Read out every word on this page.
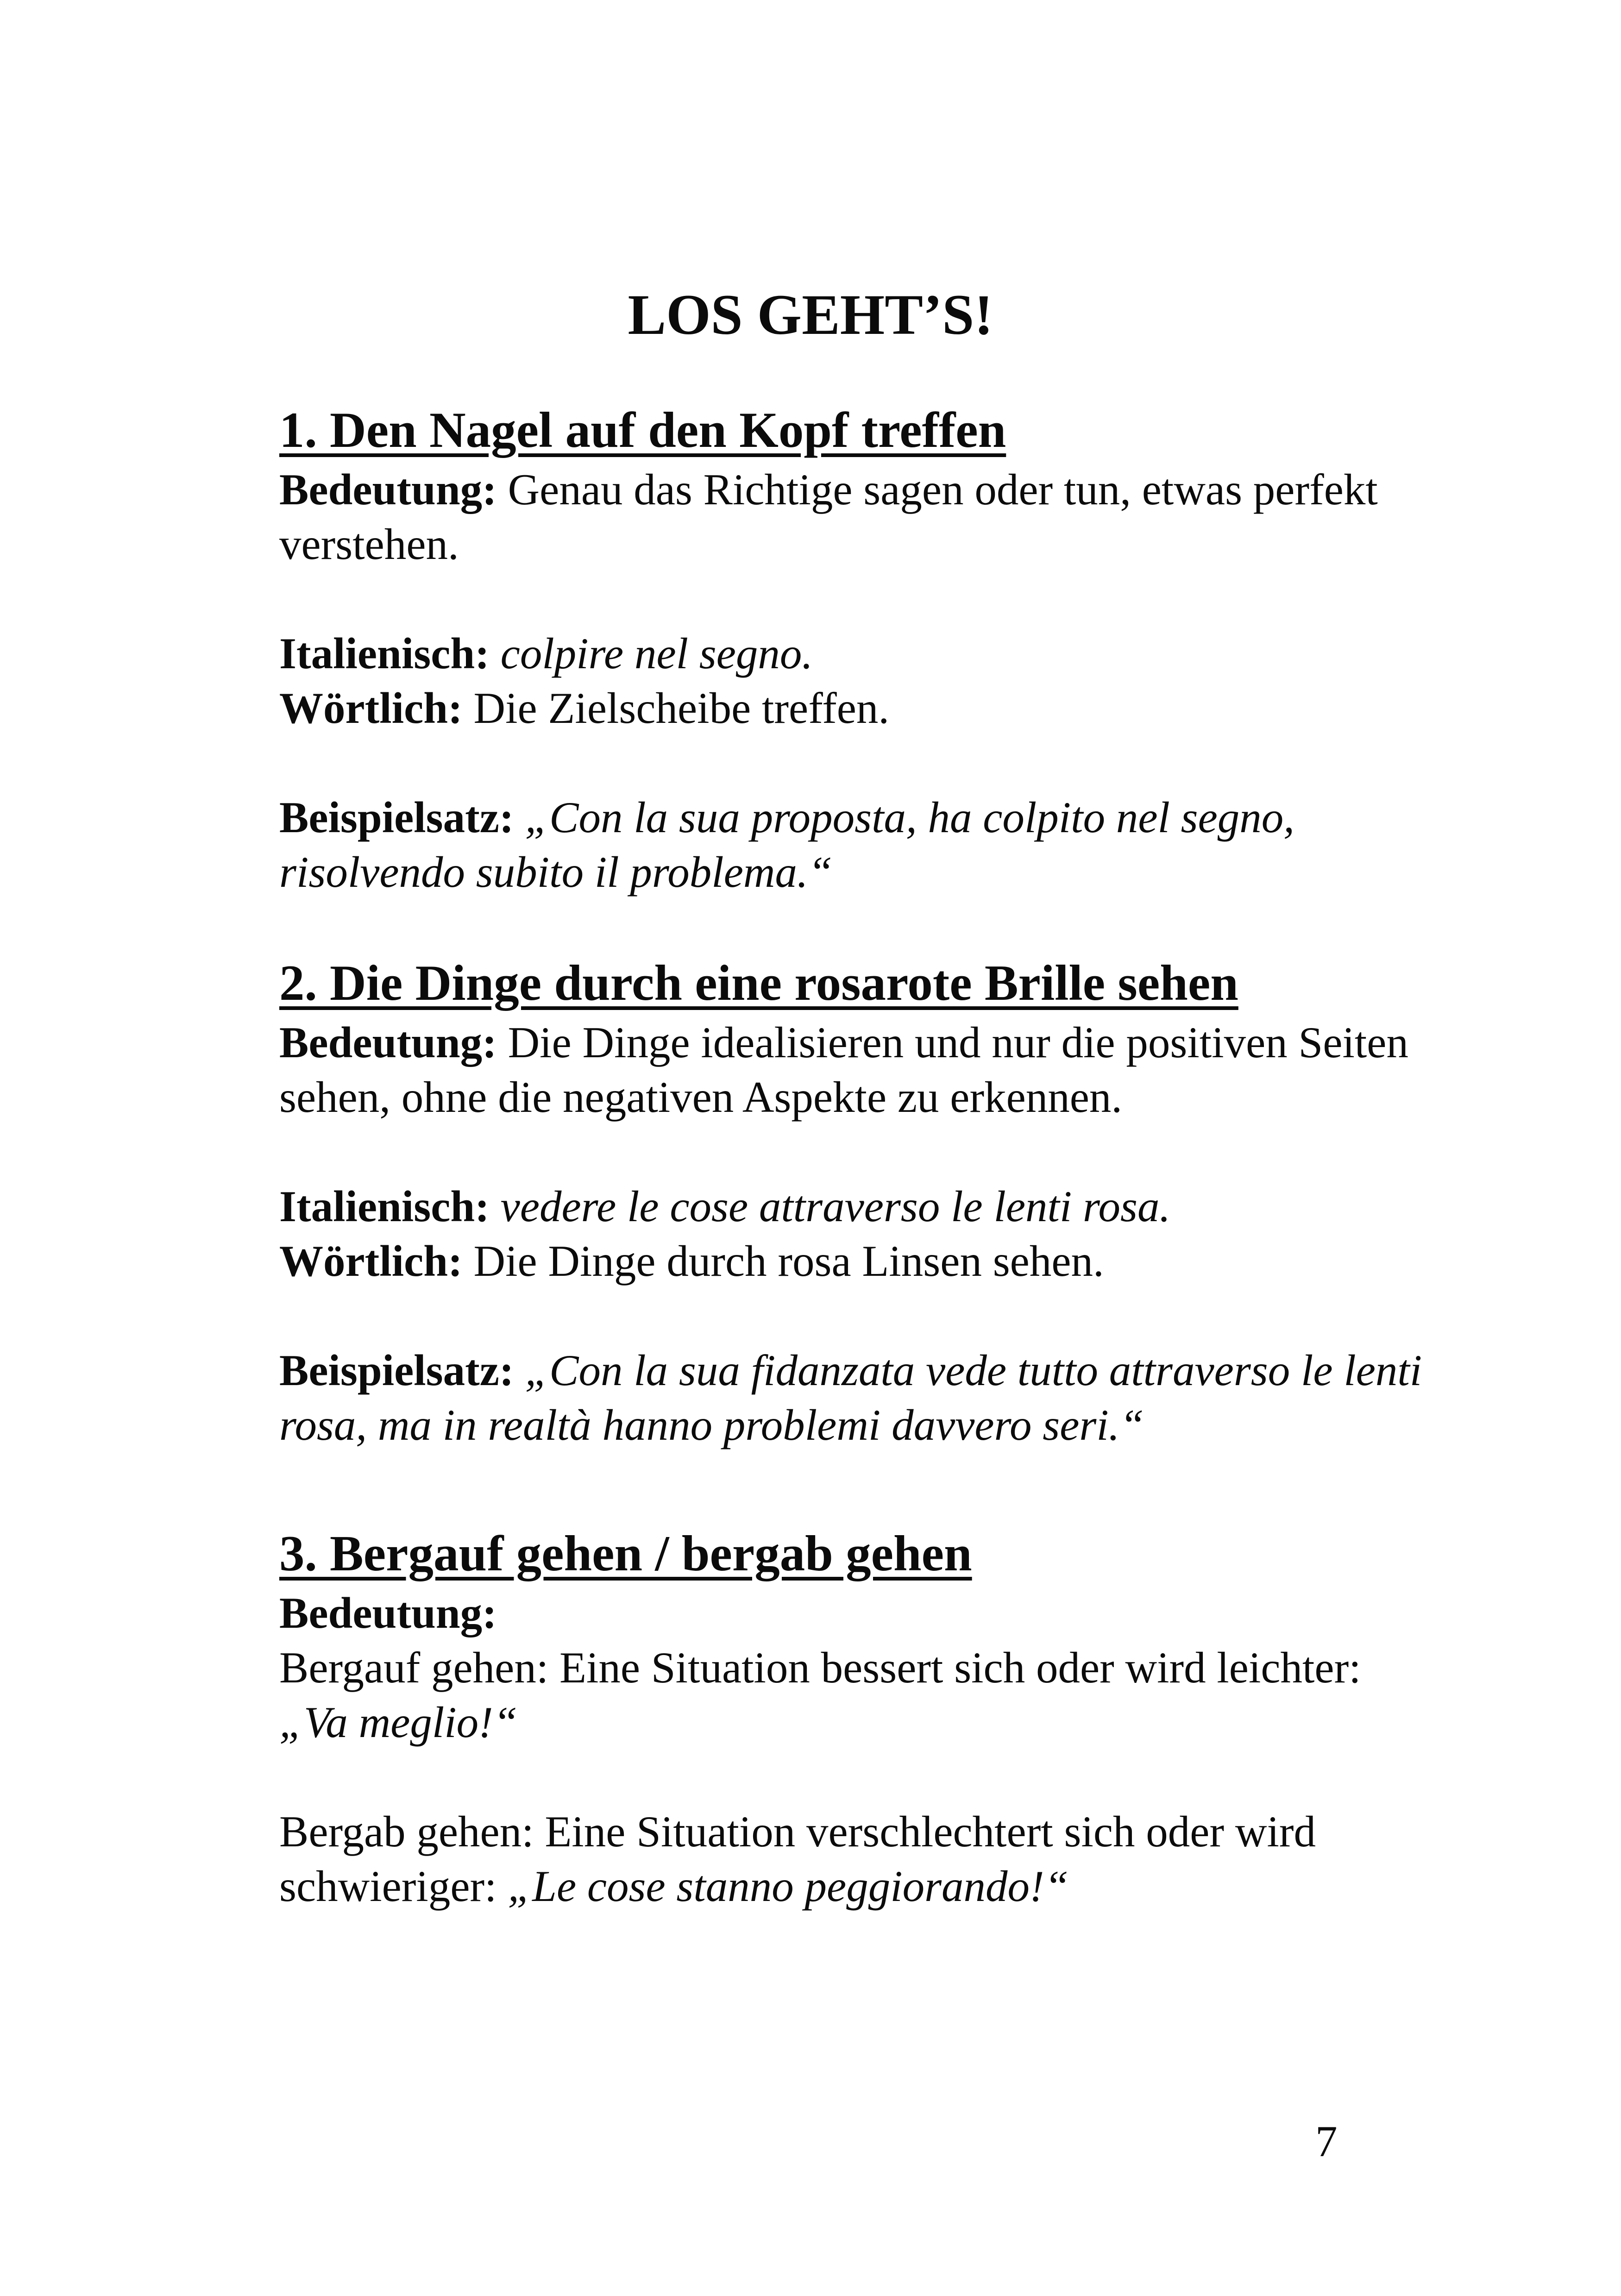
LOS GEHT’S!
1. Den Nagel auf den Kopf treffen

Bedeutung: Genau das Richtige sagen oder tun, etwas perfekt verstehen.

Italienisch: colpire nel segno.

Wörtlich: Die Zielscheibe treffen.

Beispielsatz: „Con la sua proposta, ha colpito nel segno, risolvendo subito il problema.“

2. Die Dinge durch eine rosarote Brille sehen

Bedeutung: Die Dinge idealisieren und nur die positiven Seiten sehen, ohne die negativen Aspekte zu erkennen.

Italienisch: vedere le cose attraverso le lenti rosa.

Wörtlich: Die Dinge durch rosa Linsen sehen.

Beispielsatz: „Con la sua fidanzata vede tutto attraverso le lenti rosa, ma in realtà hanno problemi davvero seri.“

3. Bergauf gehen / bergab gehen

Bedeutung:

Bergauf gehen: Eine Situation bessert sich oder wird leichter: „Va meglio!“

Bergab gehen: Eine Situation verschlechtert sich oder wird schwieriger: „Le cose stanno peggiorando!“

7
